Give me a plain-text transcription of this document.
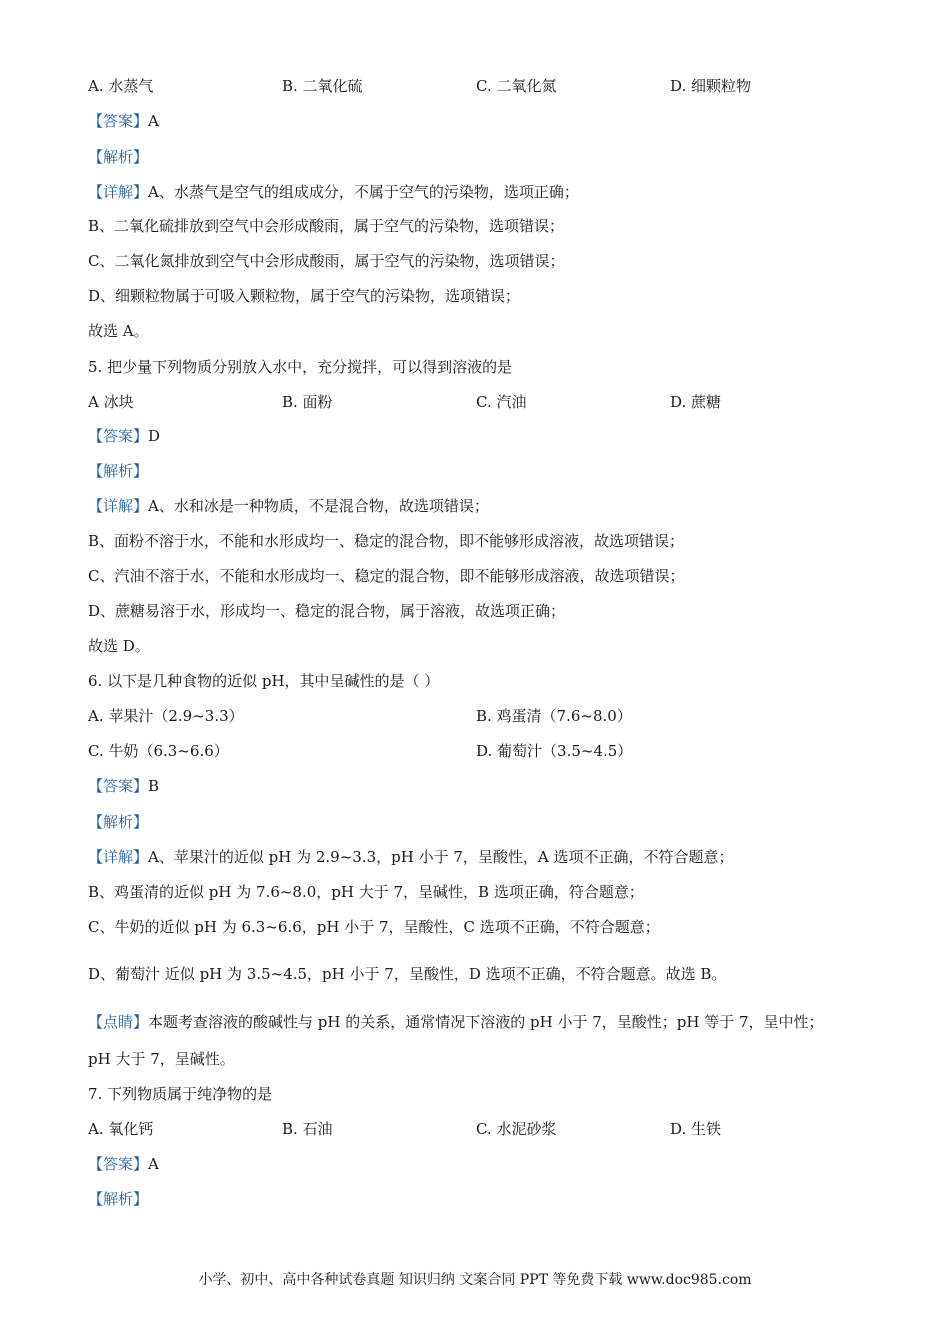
A. 水蒸气	B. 二氧化硫	C. 二氧化氮	D. 细颗粒物
【答案】A
【解析】
【详解】A、水蒸气是空气的组成成分，不属于空气的污染物，选项正确；
B、二氧化硫排放到空气中会形成酸雨，属于空气的污染物，选项错误；
C、二氧化氮排放到空气中会形成酸雨，属于空气的污染物，选项错误；
D、细颗粒物属于可吸入颗粒物，属于空气的污染物，选项错误；
故选 A。
5. 把少量下列物质分别放入水中，充分搅拌，可以得到溶液的是
A 冰块	B. 面粉	C. 汽油	D. 蔗糖
【答案】D
【解析】
【详解】A、水和冰是一种物质，不是混合物，故选项错误；
B、面粉不溶于水，不能和水形成均一、稳定的混合物，即不能够形成溶液，故选项错误；
C、汽油不溶于水，不能和水形成均一、稳定的混合物，即不能够形成溶液，故选项错误；
D、蔗糖易溶于水，形成均一、稳定的混合物，属于溶液，故选项正确；
故选 D。
6. 以下是几种食物的近似 pH，其中呈碱性的是（ ）
A. 苹果汁（2.9~3.3）	B. 鸡蛋清（7.6~8.0）
C. 牛奶（6.3~6.6）	D. 葡萄汁（3.5~4.5）
【答案】B
【解析】
【详解】A、苹果汁的近似 pH 为 2.9~3.3，pH 小于 7，呈酸性，A 选项不正确，不符合题意；
B、鸡蛋清的近似 pH 为 7.6~8.0，pH 大于 7，呈碱性，B 选项正确，符合题意；
C、牛奶的近似 pH 为 6.3~6.6，pH 小于 7，呈酸性，C 选项不正确，不符合题意；
D、葡萄汁 近似 pH 为 3.5~4.5，pH 小于 7，呈酸性，D 选项不正确，不符合题意。故选 B。
【点睛】本题考查溶液的酸碱性与 pH 的关系，通常情况下溶液的 pH 小于 7，呈酸性；pH 等于 7，呈中性；
pH 大于 7，呈碱性。
7. 下列物质属于纯净物的是
A. 氧化钙	B. 石油	C. 水泥砂浆	D. 生铁
【答案】A
【解析】
小学、初中、高中各种试卷真题 知识归纳 文案合同 PPT 等免费下载 www.doc985.com
